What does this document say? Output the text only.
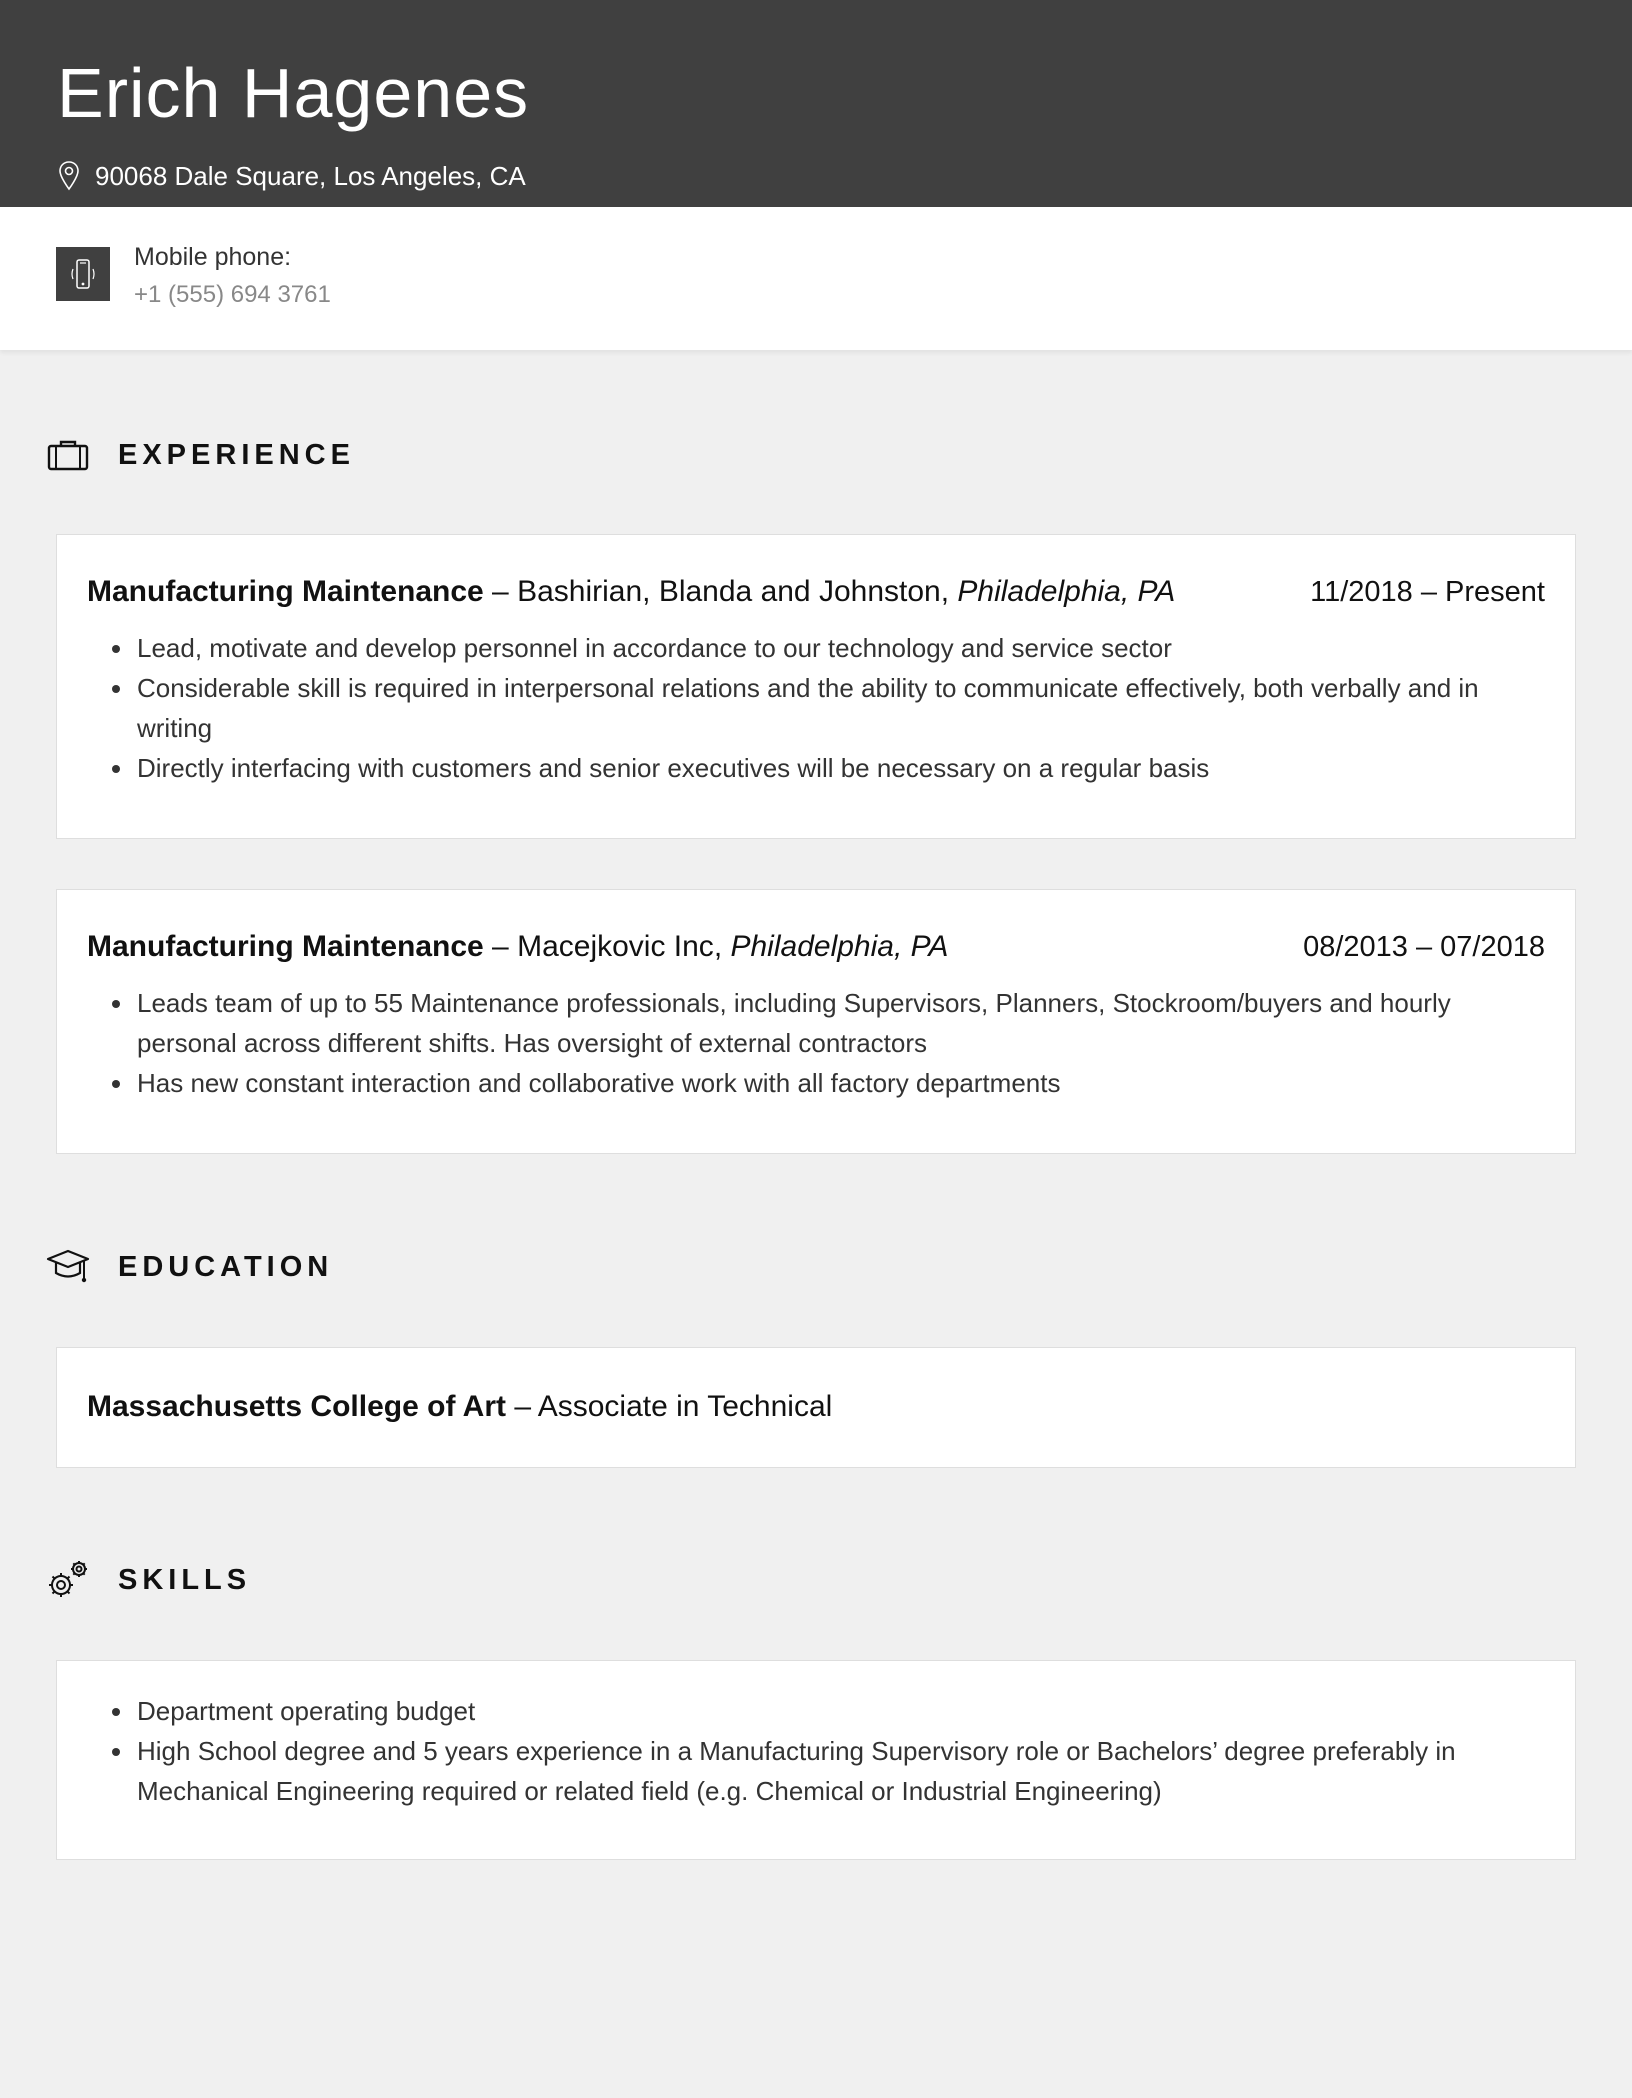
Erich Hagenes
90068 Dale Square, Los Angeles, CA
Mobile phone:
+1 (555) 694 3761
EXPERIENCE
Manufacturing Maintenance – Bashirian, Blanda and Johnston, Philadelphia, PA	11/2018 – Present
Lead, motivate and develop personnel in accordance to our technology and service sector
Considerable skill is required in interpersonal relations and the ability to communicate effectively, both verbally and in writing
Directly interfacing with customers and senior executives will be necessary on a regular basis
Manufacturing Maintenance – Macejkovic Inc, Philadelphia, PA	08/2013 – 07/2018
Leads team of up to 55 Maintenance professionals, including Supervisors, Planners, Stockroom/buyers and hourly personal across different shifts. Has oversight of external contractors
Has new constant interaction and collaborative work with all factory departments
EDUCATION
Massachusetts College of Art – Associate in Technical
SKILLS
Department operating budget
High School degree and 5 years experience in a Manufacturing Supervisory role or Bachelors’ degree preferably in Mechanical Engineering required or related field (e.g. Chemical or Industrial Engineering)
